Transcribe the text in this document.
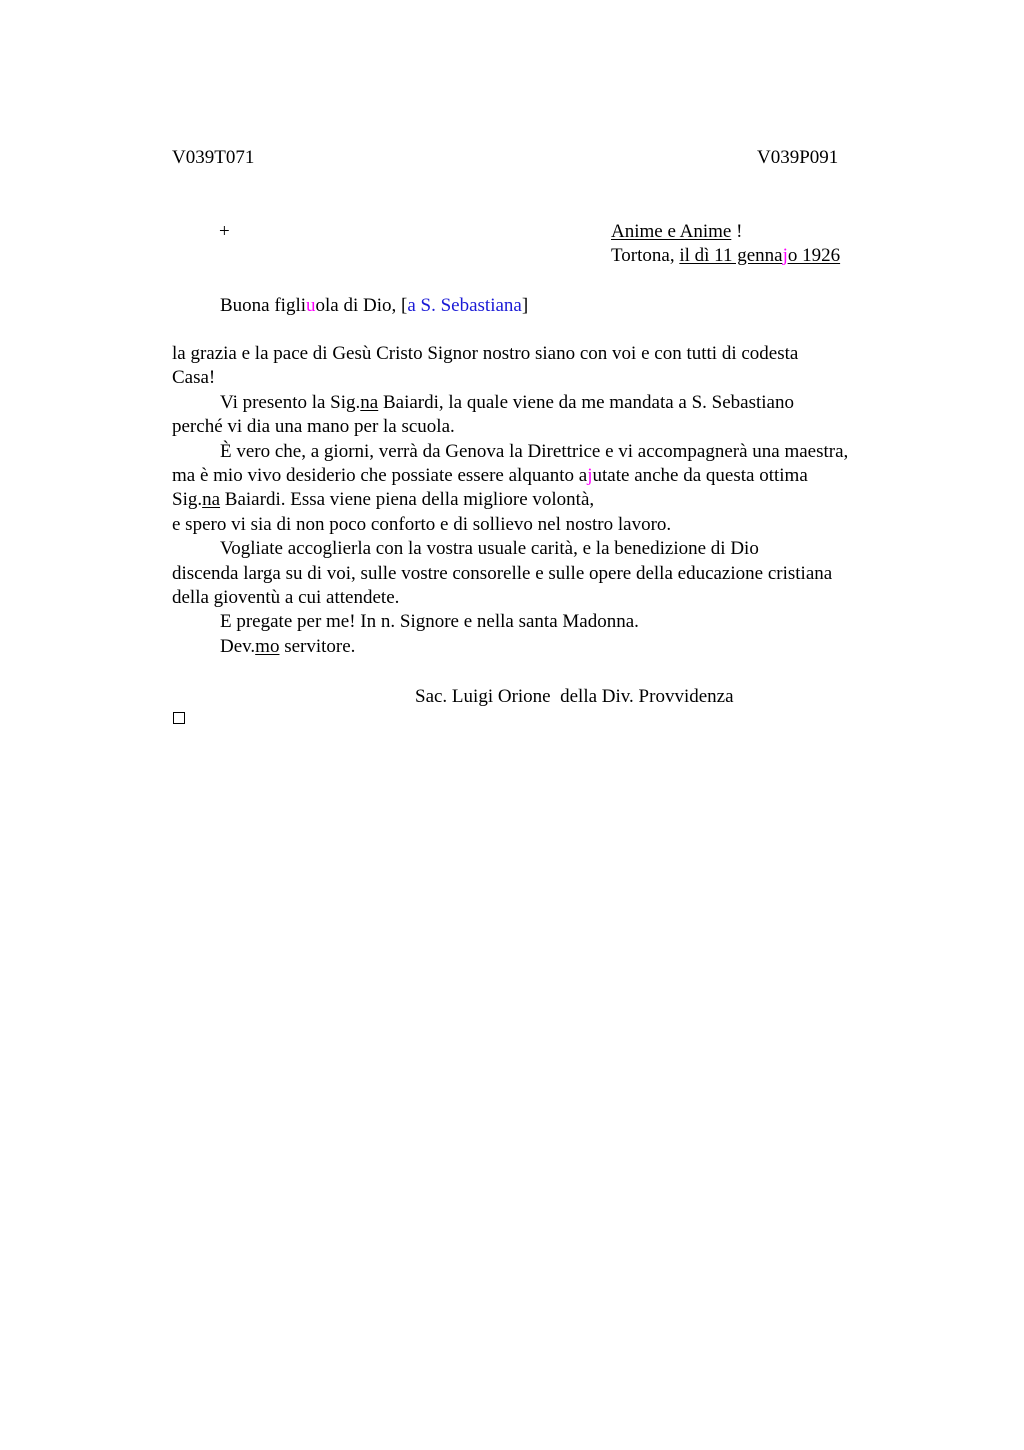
V039T071	V039P091
+	Anime e Anime !
Tortona, il dì 11 gennajo 1926
Buona figliuola di Dio, [a S. Sebastiana]

la grazia e la pace di Gesù Cristo Signor nostro siano con voi e con tutti di codesta

Casa!

Vi presento la Sig.na Baiardi, la quale viene da me mandata a S. Sebastiano

perché vi dia una mano per la scuola.

È vero che, a giorni, verrà da Genova la Direttrice e vi accompagnerà una maestra,

ma è mio vivo desiderio che possiate essere alquanto ajutate anche da questa ottima

Sig.na Baiardi. Essa viene piena della migliore volontà,

e spero vi sia di non poco conforto e di sollievo nel nostro lavoro.

Vogliate accoglierla con la vostra usuale carità, e la benedizione di Dio

discenda larga su di voi, sulle vostre consorelle e sulle opere della educazione cristiana

della gioventù a cui attendete.

E pregate per me! In n. Signore e nella santa Madonna.

Dev.mo servitore.

Sac. Luigi Orione  della Div. Provvidenza
